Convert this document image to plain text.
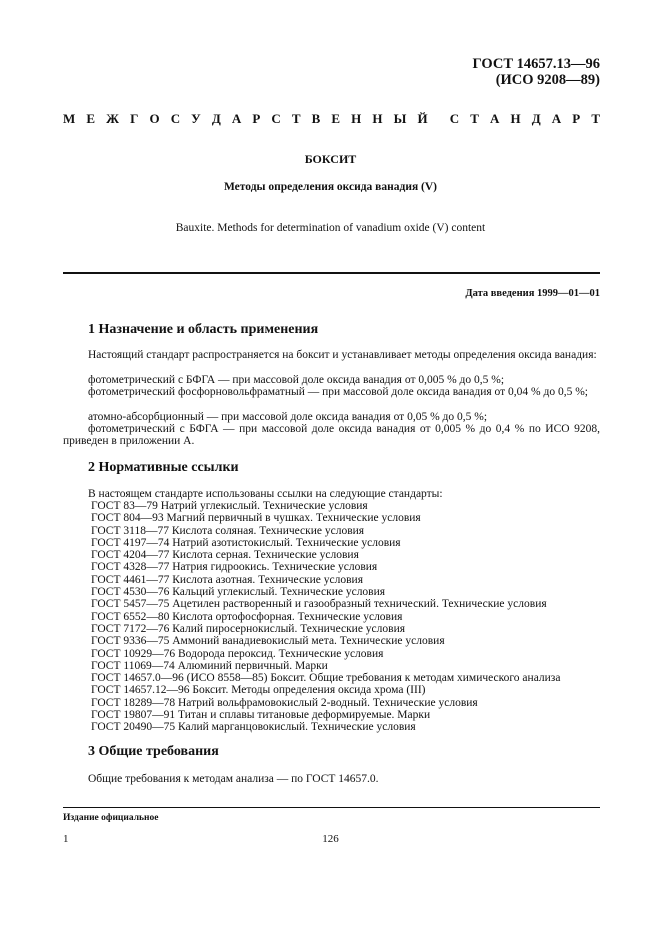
ГОСТ 14657.13—96
(ИСО 9208—89)
М Е Ж Г О С У Д А Р С Т В Е Н Н Ы Й С Т А Н Д А Р Т
БОКСИТ
Методы определения оксида ванадия (V)
Bauxite. Methods for determination of vanadium oxide (V) content
Дата введения 1999—01—01
1 Назначение и область применения
Настоящий стандарт распространяется на боксит и устанавливает методы определения оксида ванадия:
фотометрический с БФГА — при массовой доле оксида ванадия от 0,005 % до 0,5 %;
фотометрический фосфорновольфраматный — при массовой доле оксида ванадия от 0,04 % до 0,5 %;
атомно-абсорбционный — при массовой доле оксида ванадия от 0,05 % до 0,5 %;
фотометрический с БФГА — при массовой доле оксида ванадия от 0,005 % до 0,4 % по ИСО 9208, приведен в приложении А.
2 Нормативные ссылки
В настоящем стандарте использованы ссылки на следующие стандарты:
ГОСТ 83—79 Натрий углекислый. Технические условия
ГОСТ 804—93 Магний первичный в чушках. Технические условия
ГОСТ 3118—77 Кислота соляная. Технические условия
ГОСТ 4197—74 Натрий азотистокислый. Технические условия
ГОСТ 4204—77 Кислота серная. Технические условия
ГОСТ 4328—77 Натрия гидроокись. Технические условия
ГОСТ 4461—77 Кислота азотная. Технические условия
ГОСТ 4530—76 Кальций углекислый. Технические условия
ГОСТ 5457—75 Ацетилен растворенный и газообразный технический. Технические условия
ГОСТ 6552—80 Кислота ортофосфорная. Технические условия
ГОСТ 7172—76 Калий пиросернокислый. Технические условия
ГОСТ 9336—75 Аммоний ванадиевокислый мета. Технические условия
ГОСТ 10929—76 Водорода пероксид. Технические условия
ГОСТ 11069—74 Алюминий первичный. Марки
ГОСТ 14657.0—96 (ИСО 8558—85) Боксит. Общие требования к методам химического анализа
ГОСТ 14657.12—96 Боксит. Методы определения оксида хрома (III)
ГОСТ 18289—78 Натрий вольфрамовокислый 2-водный. Технические условия
ГОСТ 19807—91 Титан и сплавы титановые деформируемые. Марки
ГОСТ 20490—75 Калий марганцовокислый. Технические условия
3 Общие требования
Общие требования к методам анализа — по ГОСТ 14657.0.
Издание официальное
1	126
